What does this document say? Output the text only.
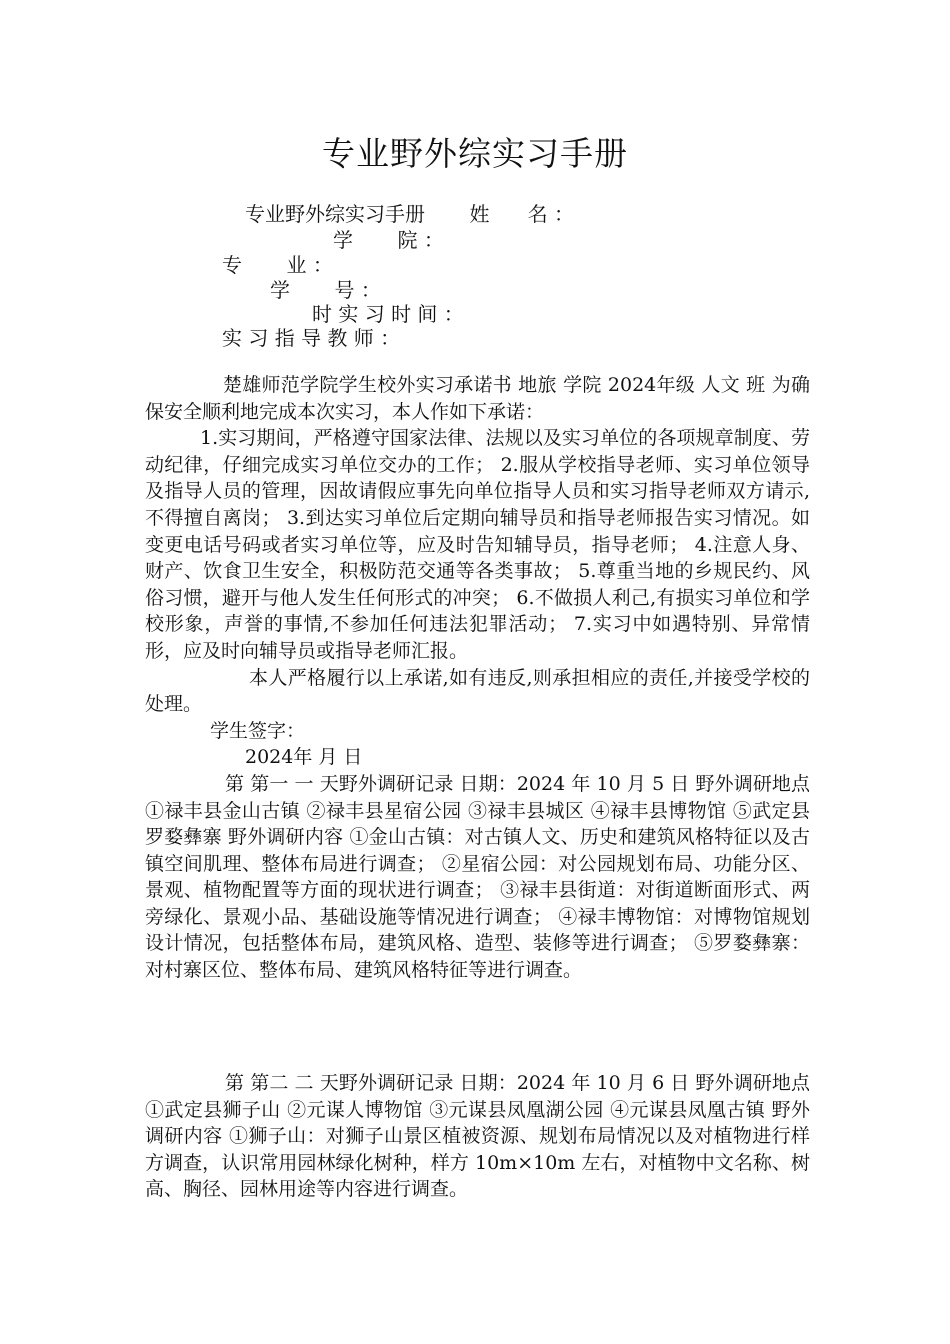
专业野外综实习手册
专业野外综实习手册       姓      名 ：
学       院 ：
专       业 ：
学       号 ：
时 实 习 时 间 ：
实 习 指 导 教 师 ：

楚雄师范学院学生校外实习承诺书 地旅 学院 2024年级 人文 班 为确保安全顺利地完成本次实习，本人作如下承诺：

1.实习期间，严格遵守国家法律、法规以及实习单位的各项规章制度、劳动纪律，仔细完成实习单位交办的工作； 2.服从学校指导老师、实习单位领导及指导人员的管理，因故请假应事先向单位指导人员和实习指导老师双方请示,不得擅自离岗； 3.到达实习单位后定期向辅导员和指导老师报告实习情况。如变更电话号码或者实习单位等，应及时告知辅导员，指导老师； 4.注意人身、财产、饮食卫生安全，积极防范交通等各类事故； 5.尊重当地的乡规民约、风俗习惯，避开与他人发生任何形式的冲突； 6.不做损人利己,有损实习单位和学校形象，声誉的事情,不参加任何违法犯罪活动； 7.实习中如遇特别、异常情形，应及时向辅导员或指导老师汇报。

本人严格履行以上承诺,如有违反,则承担相应的责任,并接受学校的处理。

学生签字：

2024年 月 日

第 第一 一 天野外调研记录 日期：2024 年 10 月 5 日 野外调研地点 ①禄丰县金山古镇 ②禄丰县星宿公园 ③禄丰县城区 ④禄丰县博物馆 ⑤武定县罗婺彝寨 野外调研内容 ①金山古镇：对古镇人文、历史和建筑风格特征以及古镇空间肌理、整体布局进行调查； ②星宿公园：对公园规划布局、功能分区、景观、植物配置等方面的现状进行调查； ③禄丰县街道：对街道断面形式、两旁绿化、景观小品、基础设施等情况进行调查； ④禄丰博物馆：对博物馆规划设计情况，包括整体布局，建筑风格、造型、装修等进行调查； ⑤罗婺彝寨：对村寨区位、整体布局、建筑风格特征等进行调查。

第 第二 二 天野外调研记录 日期：2024 年 10 月 6 日 野外调研地点 ①武定县狮子山 ②元谋人博物馆 ③元谋县凤凰湖公园 ④元谋县凤凰古镇 野外调研内容 ①狮子山：对狮子山景区植被资源、规划布局情况以及对植物进行样方调查，认识常用园林绿化树种，样方 10m×10m 左右，对植物中文名称、树高、胸径、园林用途等内容进行调查。
